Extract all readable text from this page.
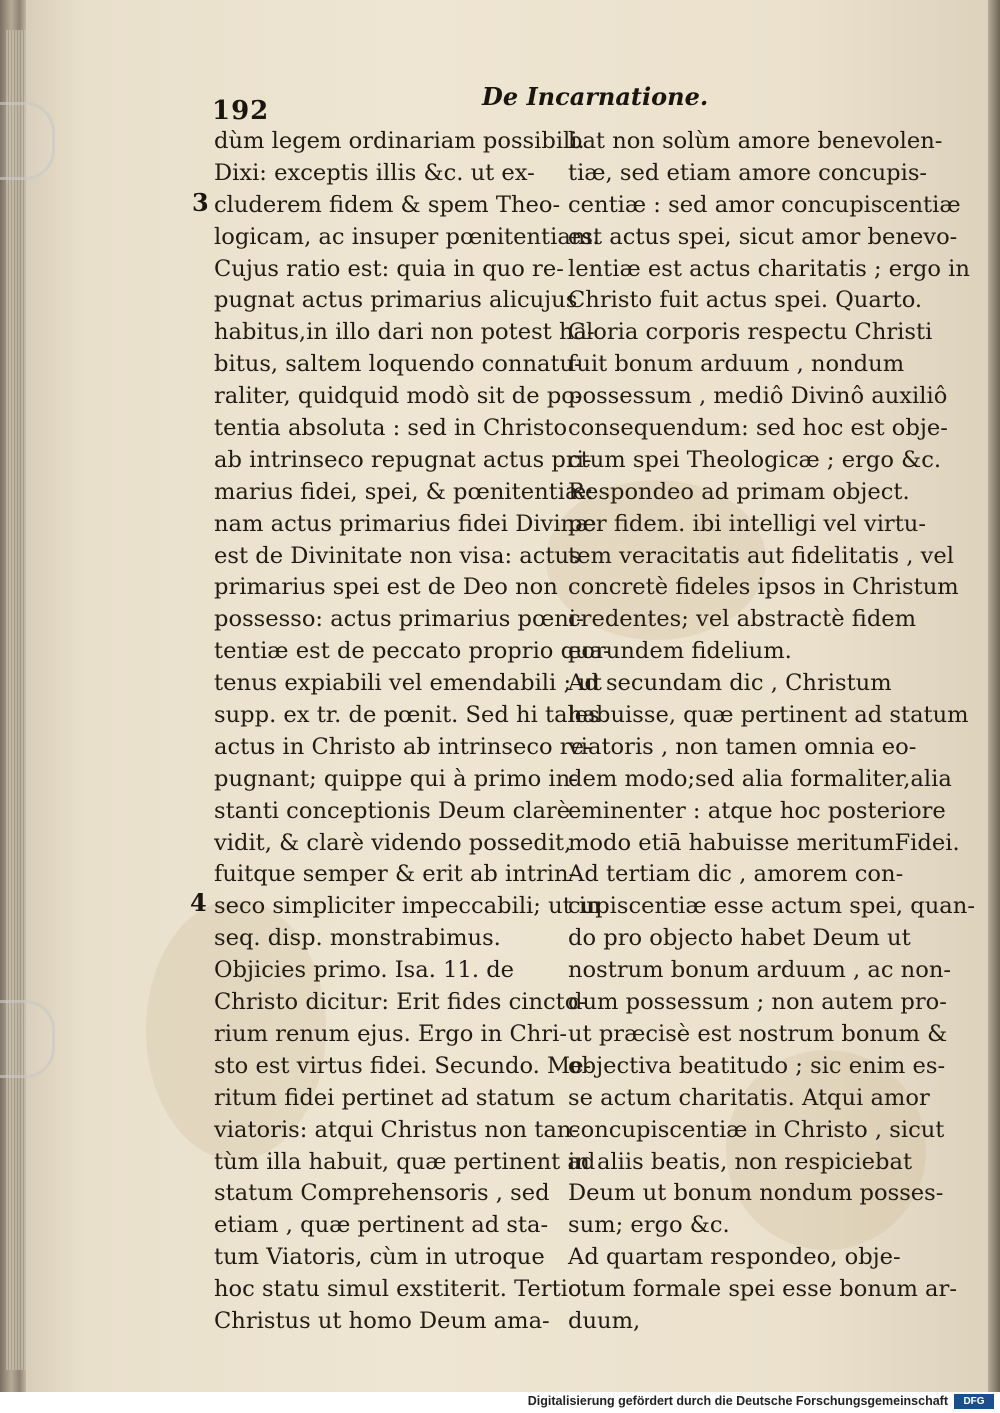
192	De Incarnatione.
3
4
dùm legem ordinariam possibili.
Dixi: exceptis illis &c. ut ex-
cluderem fidem & spem Theo-
logicam, ac insuper pœnitentiam.
Cujus ratio est: quia in quo re-
pugnat actus primarius alicujus
habitus,in illo dari non potest ha-
bitus, saltem loquendo connatu-
raliter, quidquid modò sit de po-
tentia absoluta : sed in Christo
ab intrinseco repugnat actus pri-
marius fidei, spei, & pœnitentiæ:
nam actus primarius fidei Divinæ
est de Divinitate non visa: actus
primarius spei est de Deo non
possesso: actus primarius pœni-
tentiæ est de peccato proprio qua-
tenus expiabili vel emendabili ; ut
supp. ex tr. de pœnit. Sed hi tales
actus in Christo ab intrinseco re-
pugnant; quippe qui à primo in-
stanti conceptionis Deum clarè
vidit, & clarè videndo possedit,
fuitque semper & erit ab intrin-
seco simpliciter impeccabili; ut in
seq. disp. monstrabimus.
Objicies primo. Isa. 11. de
Christo dicitur: Erit fides cincto-
rium renum ejus. Ergo in Chri-
sto est virtus fidei. Secundo. Me-
ritum fidei pertinet ad statum
viatoris: atqui Christus non tan-
tùm illa habuit, quæ pertinent ad
statum Comprehensoris , sed
etiam , quæ pertinent ad sta-
tum Viatoris, cùm in utroque
hoc statu simul exstiterit. Tertio.
Christus ut homo Deum ama-
bat non solùm amore benevolen-
tiæ, sed etiam amore concupis-
centiæ : sed amor concupiscentiæ
est actus spei, sicut amor benevo-
lentiæ est actus charitatis ; ergo in
Christo fuit actus spei. Quarto.
Gloria corporis respectu Christi
fuit bonum arduum , nondum
possessum , mediô Divinô auxiliô
consequendum: sed hoc est obje-
ctum spei Theologicæ ; ergo &c.
Respondeo ad primam object.
per fidem. ibi intelligi vel virtu-
tem veracitatis aut fidelitatis , vel
concretè fideles ipsos in Christum
credentes; vel abstractè fidem
eorundem fidelium.
Ad secundam dic , Christum
habuisse, quæ pertinent ad statum
viatoris , non tamen omnia eo-
dem modo;sed alia formaliter,alia
eminenter : atque hoc posteriore
modo etiā habuisse meritumFidei.
Ad tertiam dic , amorem con-
cupiscentiæ esse actum spei, quan-
do pro objecto habet Deum ut
nostrum bonum arduum , ac non-
dum possessum ; non autem pro-
ut præcisè est nostrum bonum &
objectiva beatitudo ; sic enim es-
se actum charitatis. Atqui amor
concupiscentiæ in Christo , sicut
in aliis beatis, non respiciebat
Deum ut bonum nondum posses-
sum; ergo &c.
Ad quartam respondeo, obje-
ctum formale spei esse bonum ar-
duum,
Digitalisierung gefördert durch die Deutsche Forschungsgemeinschaft	DFG
